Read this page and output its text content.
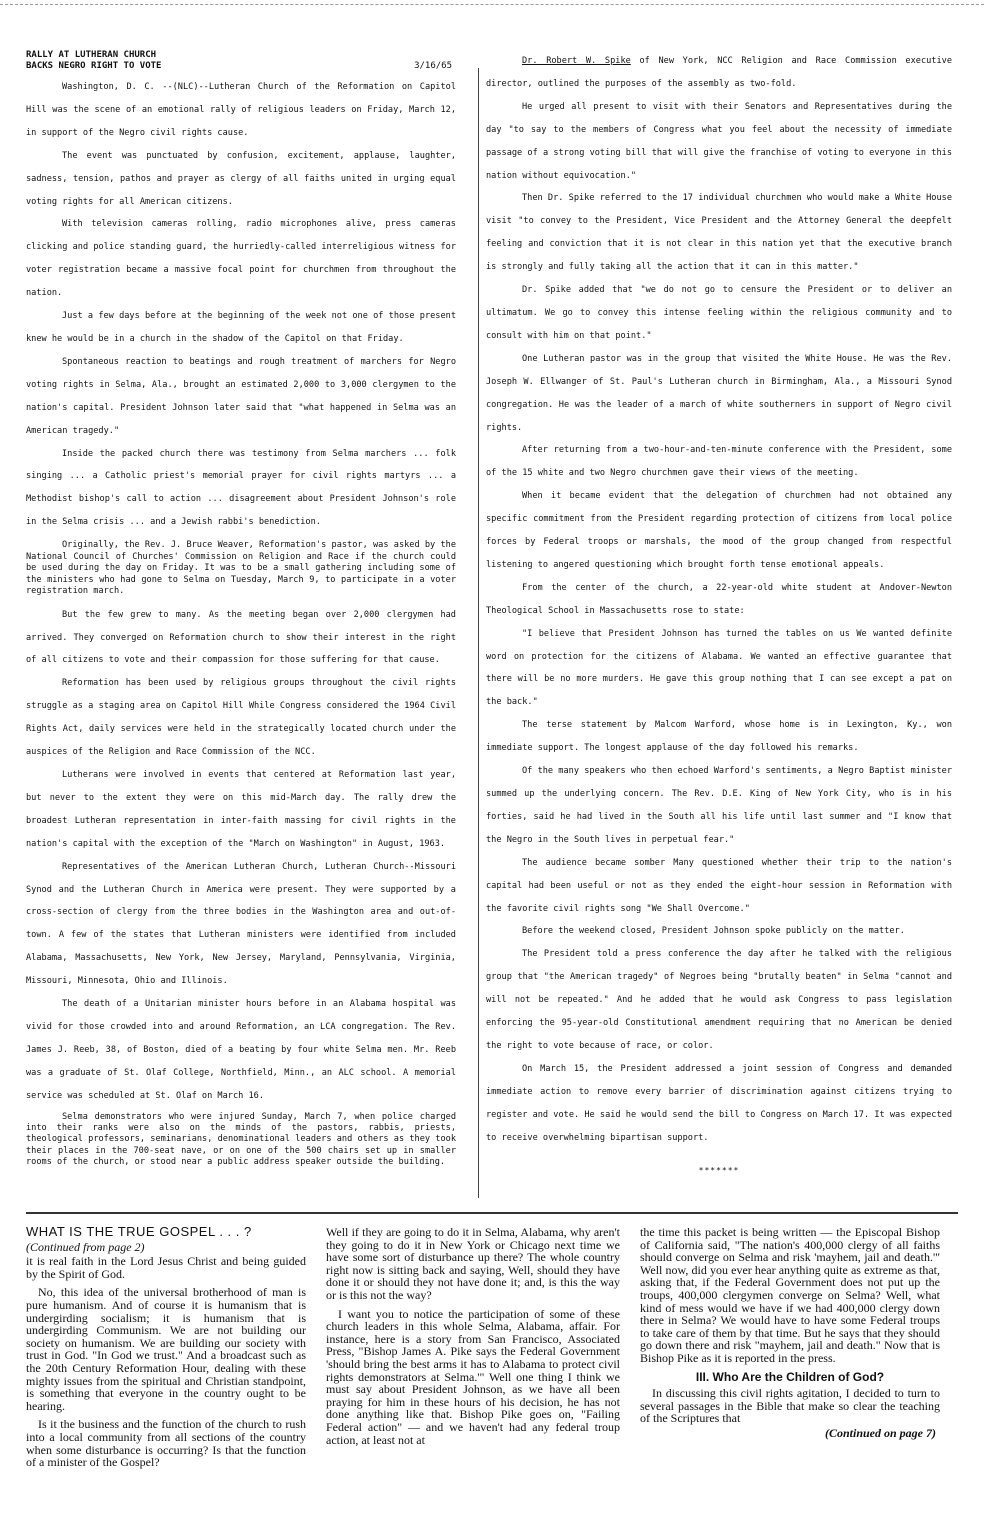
RALLY AT LUTHERAN CHURCH
BACKS NEGRO RIGHT TO VOTE	3/16/65

Washington, D. C. --(NLC)--Lutheran Church of the Reformation on Capitol Hill was the scene of an emotional rally of religious leaders on Friday, March 12, in support of the Negro civil rights cause.

The event was punctuated by confusion, excitement, applause, laughter, sadness, tension, pathos and prayer as clergy of all faiths united in urging equal voting rights for all American citizens.

With television cameras rolling, radio microphones alive, press cameras clicking and police standing guard, the hurriedly-called interreligious witness for voter registration became a massive focal point for churchmen from throughout the nation.

Just a few days before at the beginning of the week not one of those present knew he would be in a church in the shadow of the Capitol on that Friday.

Spontaneous reaction to beatings and rough treatment of marchers for Negro voting rights in Selma, Ala., brought an estimated 2,000 to 3,000 clergymen to the nation's capital. President Johnson later said that "what happened in Selma was an American tragedy."

Inside the packed church there was testimony from Selma marchers ... folk singing ... a Catholic priest's memorial prayer for civil rights martyrs ... a Methodist bishop's call to action ... disagreement about President Johnson's role in the Selma crisis ... and a Jewish rabbi's benediction.

Originally, the Rev. J. Bruce Weaver, Reformation's pastor, was asked by the National Council of Churches' Commission on Religion and Race if the church could be used during the day on Friday. It was to be a small gathering including some of the ministers who had gone to Selma on Tuesday, March 9, to participate in a voter registration march.

But the few grew to many. As the meeting began over 2,000 clergymen had arrived. They converged on Reformation church to show their interest in the right of all citizens to vote and their compassion for those suffering for that cause.

Reformation has been used by religious groups throughout the civil rights struggle as a staging area on Capitol Hill While Congress considered the 1964 Civil Rights Act, daily services were held in the strategically located church under the auspices of the Religion and Race Commission of the NCC.

Lutherans were involved in events that centered at Reformation last year, but never to the extent they were on this mid-March day. The rally drew the broadest Lutheran representation in inter-faith massing for civil rights in the nation's capital with the exception of the "March on Washington" in August, 1963.

Representatives of the American Lutheran Church, Lutheran Church--Missouri Synod and the Lutheran Church in America were present. They were supported by a cross-section of clergy from the three bodies in the Washington area and out-of-town. A few of the states that Lutheran ministers were identified from included Alabama, Massachusetts, New York, New Jersey, Maryland, Pennsylvania, Virginia, Missouri, Minnesota, Ohio and Illinois.

The death of a Unitarian minister hours before in an Alabama hospital was vivid for those crowded into and around Reformation, an LCA congregation. The Rev. James J. Reeb, 38, of Boston, died of a beating by four white Selma men. Mr. Reeb was a graduate of St. Olaf College, Northfield, Minn., an ALC school. A memorial service was scheduled at St. Olaf on March 16.

Selma demonstrators who were injured Sunday, March 7, when police charged into their ranks were also on the minds of the pastors, rabbis, priests, theological professors, seminarians, denominational leaders and others as they took their places in the 700-seat nave, or on one of the 500 chairs set up in smaller rooms of the church, or stood near a public address speaker outside the building.

Dr. Robert W. Spike of New York, NCC Religion and Race Commission executive director, outlined the purposes of the assembly as two-fold.

He urged all present to visit with their Senators and Representatives during the day "to say to the members of Congress what you feel about the necessity of immediate passage of a strong voting bill that will give the franchise of voting to everyone in this nation without equivocation."

Then Dr. Spike referred to the 17 individual churchmen who would make a White House visit "to convey to the President, Vice President and the Attorney General the deepfelt feeling and conviction that it is not clear in this nation yet that the executive branch is strongly and fully taking all the action that it can in this matter."

Dr. Spike added that "we do not go to censure the President or to deliver an ultimatum. We go to convey this intense feeling within the religious community and to consult with him on that point."

One Lutheran pastor was in the group that visited the White House. He was the Rev. Joseph W. Ellwanger of St. Paul's Lutheran church in Birmingham, Ala., a Missouri Synod congregation. He was the leader of a march of white southerners in support of Negro civil rights.

After returning from a two-hour-and-ten-minute conference with the President, some of the 15 white and two Negro churchmen gave their views of the meeting.

When it became evident that the delegation of churchmen had not obtained any specific commitment from the President regarding protection of citizens from local police forces by Federal troops or marshals, the mood of the group changed from respectful listening to angered questioning which brought forth tense emotional appeals.

From the center of the church, a 22-year-old white student at Andover-Newton Theological School in Massachusetts rose to state:

"I believe that President Johnson has turned the tables on us We wanted definite word on protection for the citizens of Alabama. We wanted an effective guarantee that there will be no more murders. He gave this group nothing that I can see except a pat on the back."

The terse statement by Malcom Warford, whose home is in Lexington, Ky., won immediate support. The longest applause of the day followed his remarks.

Of the many speakers who then echoed Warford's sentiments, a Negro Baptist minister summed up the underlying concern. The Rev. D.E. King of New York City, who is in his forties, said he had lived in the South all his life until last summer and "I know that the Negro in the South lives in perpetual fear."

The audience became somber Many questioned whether their trip to the nation's capital had been useful or not as they ended the eight-hour session in Reformation with the favorite civil rights song "We Shall Overcome."

Before the weekend closed, President Johnson spoke publicly on the matter.

The President told a press conference the day after he talked with the religious group that "the American tragedy" of Negroes being "brutally beaten" in Selma "cannot and will not be repeated." And he added that he would ask Congress to pass legislation enforcing the 95-year-old Constitutional amendment requiring that no American be denied the right to vote because of race, or color.

On March 15, the President addressed a joint session of Congress and demanded immediate action to remove every barrier of discrimination against citizens trying to register and vote. He said he would send the bill to Congress on March 17. It was expected to receive overwhelming bipartisan support.

*******
WHAT IS THE TRUE GOSPEL . . . ?
(Continued from page 2)

it is real faith in the Lord Jesus Christ and being guided by the Spirit of God.

No, this idea of the universal brotherhood of man is pure humanism. And of course it is humanism that is undergirding socialism; it is humanism that is undergirding Communism. We are not building our society on humanism. We are building our society with trust in God. "In God we trust." And a broadcast such as the 20th Century Reformation Hour, dealing with these mighty issues from the spiritual and Christian standpoint, is something that everyone in the country ought to be hearing.

Is it the business and the function of the church to rush into a local community from all sections of the country when some disturbance is occurring? Is that the function of a minister of the Gospel?

Well if they are going to do it in Selma, Alabama, why aren't they going to do it in New York or Chicago next time we have some sort of disturbance up there? The whole country right now is sitting back and saying, Well, should they have done it or should they not have done it; and, is this the way or is this not the way?

I want you to notice the participation of some of these church leaders in this whole Selma, Alabama, affair. For instance, here is a story from San Francisco, Associated Press, "Bishop James A. Pike says the Federal Government 'should bring the best arms it has to Alabama to protect civil rights demonstrators at Selma.'" Well one thing I think we must say about President Johnson, as we have all been praying for him in these hours of his decision, he has not done anything like that. Bishop Pike goes on, "Failing Federal action" — and we haven't had any federal troup action, at least not at

the time this packet is being written — the Episcopal Bishop of California said, "The nation's 400,000 clergy of all faiths should converge on Selma and risk 'mayhem, jail and death.'" Well now, did you ever hear anything quite as extreme as that, asking that, if the Federal Government does not put up the troups, 400,000 clergymen converge on Selma? Well, what kind of mess would we have if we had 400,000 clergy down there in Selma? We would have to have some Federal troups to take care of them by that time. But he says that they should go down there and risk "mayhem, jail and death." Now that is Bishop Pike as it is reported in the press.

III. Who Are the Children of God?

In discussing this civil rights agitation, I decided to turn to several passages in the Bible that make so clear the teaching of the Scriptures that

(Continued on page 7)
